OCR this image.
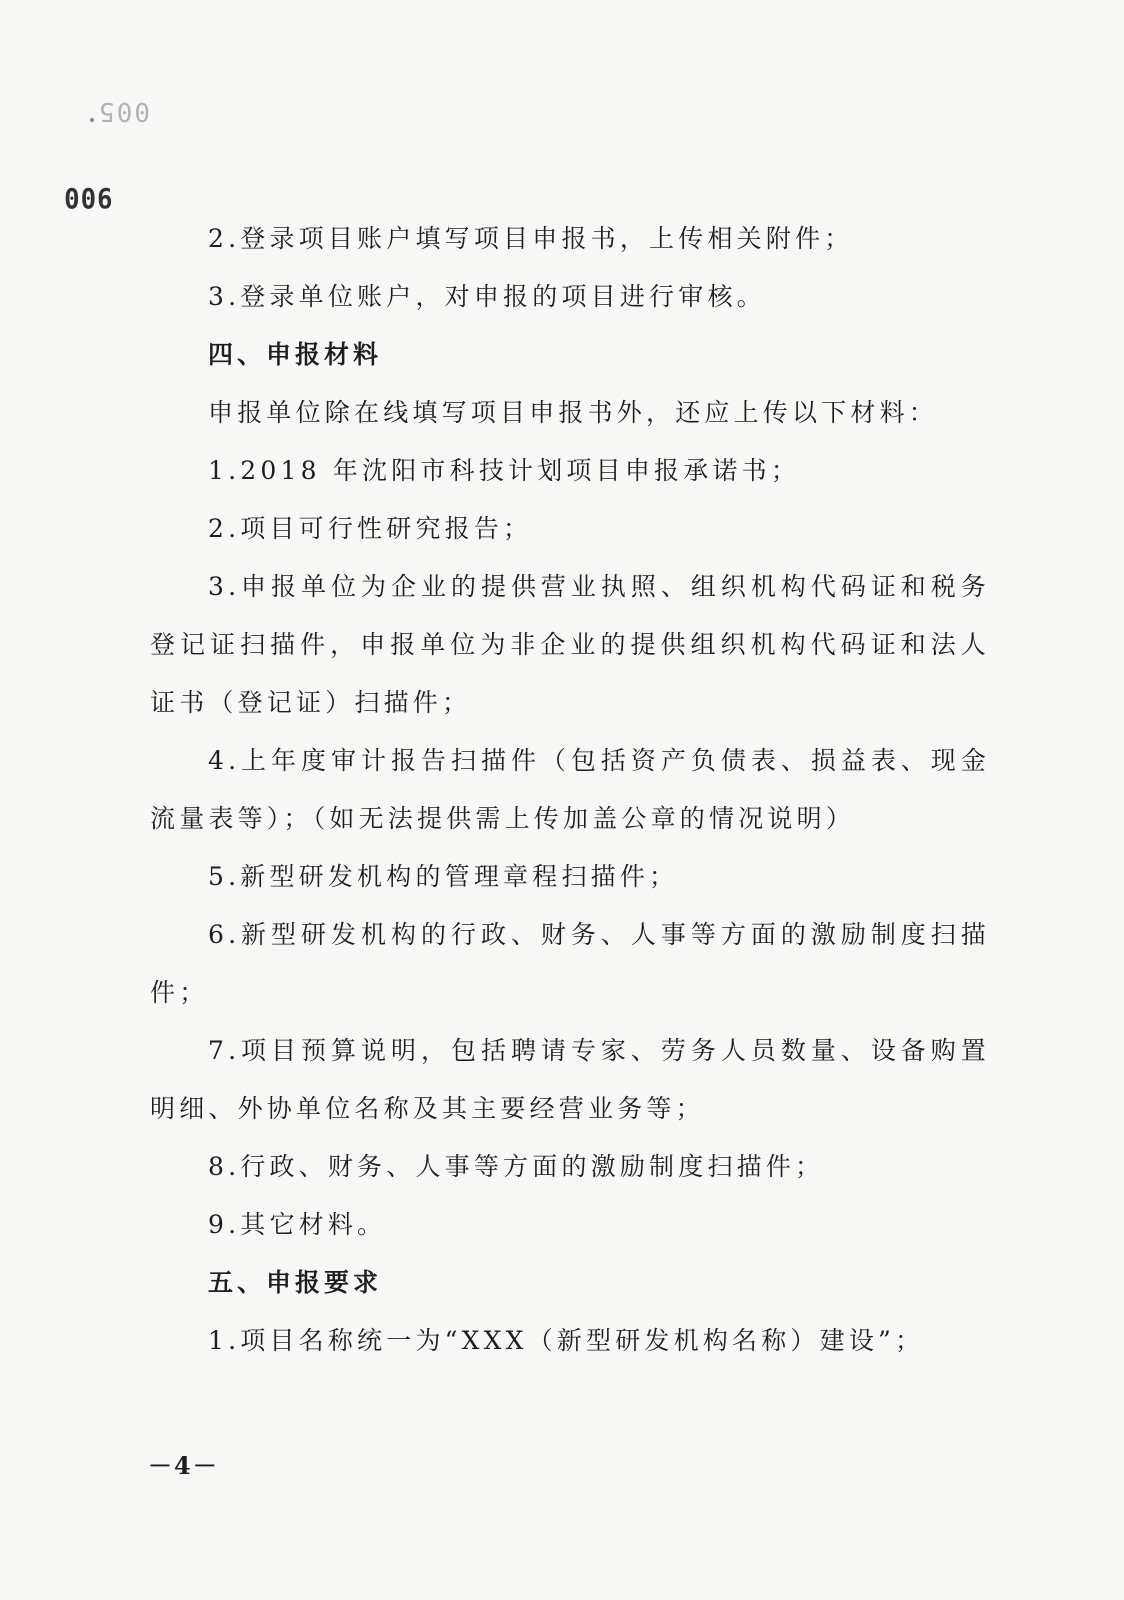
005
006

2.登录项目账户填写项目申报书，上传相关附件；

3.登录单位账户，对申报的项目进行审核。

四、申报材料

申报单位除在线填写项目申报书外，还应上传以下材料：

1.2018 年沈阳市科技计划项目申报承诺书；

2.项目可行性研究报告；

3.申报单位为企业的提供营业执照、组织机构代码证和税务登记证扫描件，申报单位为非企业的提供组织机构代码证和法人证书（登记证）扫描件；

4.上年度审计报告扫描件（包括资产负债表、损益表、现金流量表等）；（如无法提供需上传加盖公章的情况说明）

5.新型研发机构的管理章程扫描件；

6.新型研发机构的行政、财务、人事等方面的激励制度扫描件；

7.项目预算说明，包括聘请专家、劳务人员数量、设备购置明细、外协单位名称及其主要经营业务等；

8.行政、财务、人事等方面的激励制度扫描件；

9.其它材料。

五、申报要求

1.项目名称统一为“XXX（新型研发机构名称）建设”；

－4－
